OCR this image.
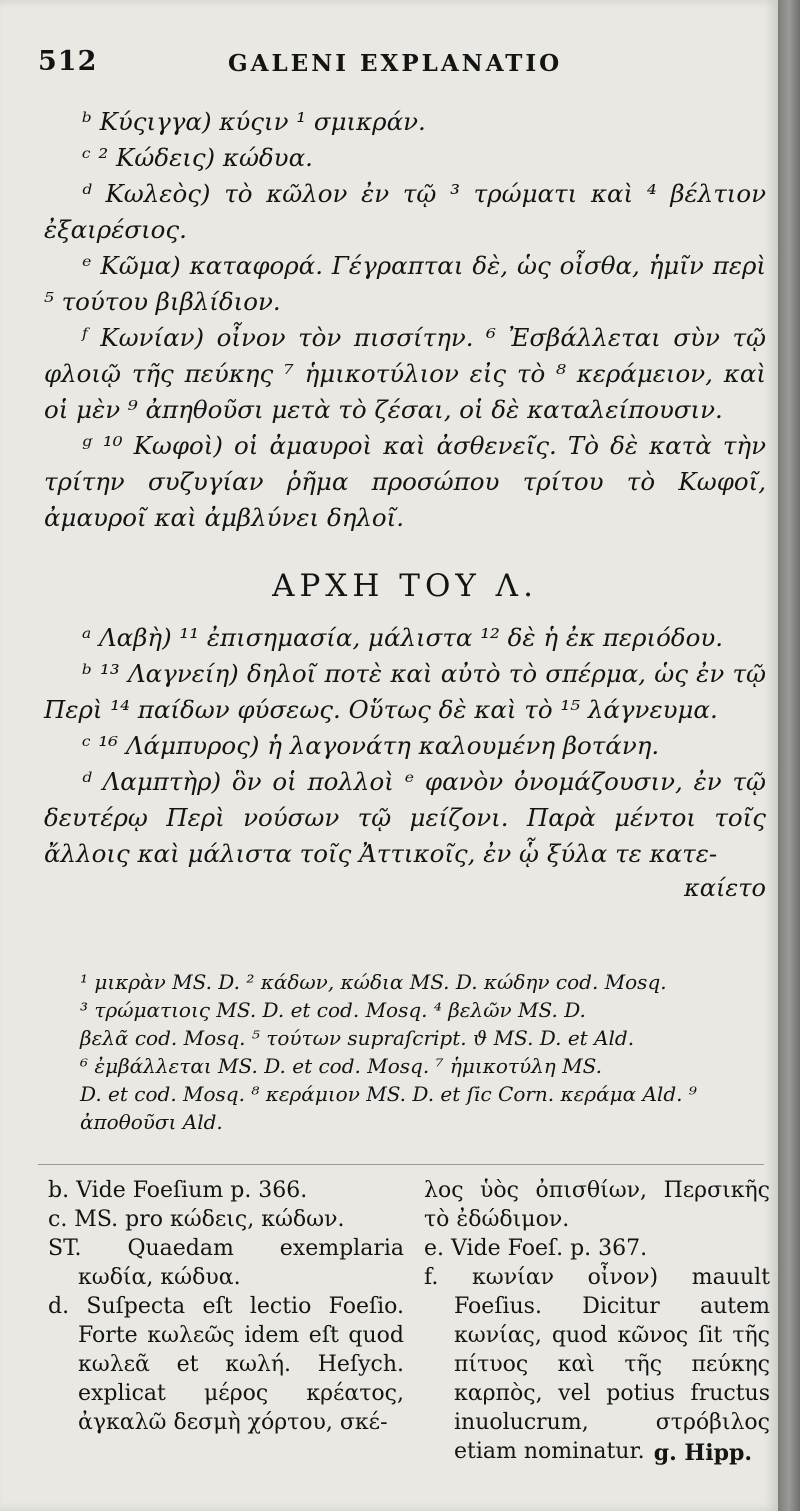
512	GALENI EXPLANATIO

ᵇ Κύςιγγα) κύςιν ¹ σμικράν.

ᶜ ² Κώδεις) κώδυα.

ᵈ Κωλεὸς) τὸ κῶλον ἐν τῷ ³ τρώματι καὶ ⁴ βέλτιον ἐξαιρέσιος.

ᵉ Κῶμα) καταφορά. Γέγραπται δὲ, ὡς οἶσθα, ἡμῖν περὶ ⁵ τούτου βιβλίδιον.

ᶠ Κωνίαν) οἶνον τὸν πισσίτην. ⁶ Ἐσβάλλεται σὺν τῷ φλοιῷ τῆς πεύκης ⁷ ἡμικοτύλιον εἰς τὸ ⁸ κεράμειον, καὶ οἱ μὲν ⁹ ἀπηθοῦσι μετὰ τὸ ζέσαι, οἱ δὲ καταλείπουσιν.

ᵍ ¹⁰ Κωφοὶ) οἱ ἀμαυροὶ καὶ ἀσθενεῖς. Τὸ δὲ κατὰ τὴν τρίτην συζυγίαν ῥῆμα προσώπου τρίτου τὸ Κωφοῖ, ἀμαυροῖ καὶ ἀμβλύνει δηλοῖ.

ΑΡΧΗ ΤΟΥ Λ.

ᵃ Λαβὴ) ¹¹ ἐπισημασία, μάλιστα ¹² δὲ ἡ ἐκ περιόδου.

ᵇ ¹³ Λαγνείη) δηλοῖ ποτὲ καὶ αὐτὸ τὸ σπέρμα, ὡς ἐν τῷ Περὶ ¹⁴ παίδων φύσεως. Οὕτως δὲ καὶ τὸ ¹⁵ λάγνευμα.

ᶜ ¹⁶ Λάμπυρος) ἡ λαγονάτη καλουμένη βοτάνη.

ᵈ Λαμπτὴρ) ὃν οἱ πολλοὶ ᵉ φανὸν ὀνομάζουσιν, ἐν τῷ δευτέρῳ Περὶ νούσων τῷ μείζονι. Παρὰ μέντοι τοῖς ἄλλοις καὶ μάλιστα τοῖς Ἀττικοῖς, ἐν ᾧ ξύλα τε κατε-

καίετο

¹ μικρὰν MS. D. ² κάδων, κώδια MS. D. κώδην cod. Mosq.

³ τρώματιοις MS. D. et cod. Mosq. ⁴ βελῶν MS. D.

βελᾶ cod. Mosq. ⁵ τούτων supraſcript. ϑ MS. D. et Ald.

⁶ ἐμβάλλεται MS. D. et cod. Mosq. ⁷ ἡμικοτύλη MS.

D. et cod. Mosq. ⁸ κεράμιον MS. D. et ſic Corn. κεράμα Ald. ⁹ ἀποθοῦσι Ald.

b. Vide Foeſium p. 366.

c. MS. pro κώδεις, κώδων.

ST. Quaedam exemplaria κωδία, κώδυα.

d. Suſpecta eſt lectio Foeſio. Forte κωλεῶς idem eſt quod κωλεᾶ et κωλή. Heſych. explicat μέρος κρέατος, ἀγκαλῶ δεσμὴ χόρτου, σκέ-

λος ὑὸς ὀπισθίων, Περσικῆς τὸ ἐδώδιμον.

e. Vide Foeſ. p. 367.

f. κωνίαν οἶνον) mauult Foeſius. Dicitur autem κωνίας, quod κῶνος ſit τῆς πίτυος καὶ τῆς πεύκης καρπὸς, vel potius fructus inuolucrum, στρόβιλος etiam nominatur. g. Hipp.
